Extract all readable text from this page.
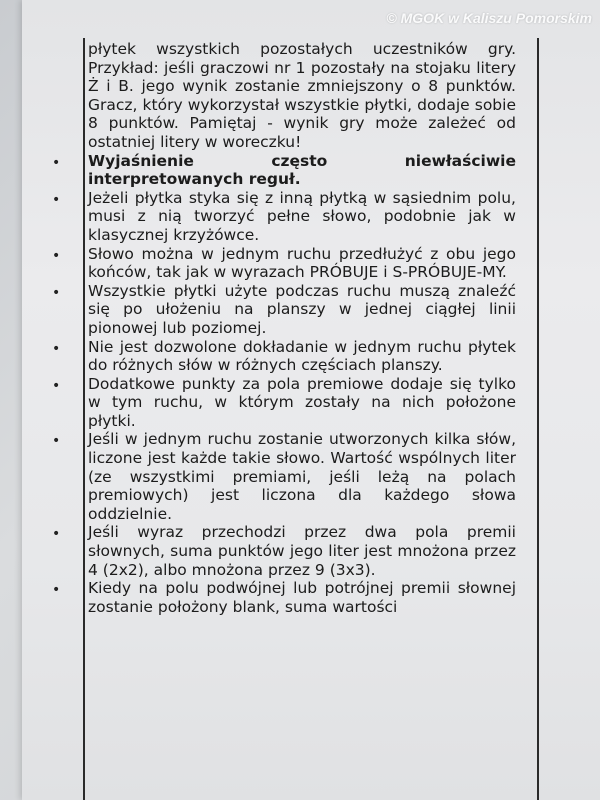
płytek wszystkich pozostałych uczestników gry. Przykład: jeśli graczowi nr 1 pozostały na stojaku litery Ż i B. jego wynik zostanie zmniejszony o 8 punktów. Gracz, który wykorzystał wszystkie płytki, dodaje sobie 8 punktów. Pamiętaj - wynik gry może zależeć od ostatniej litery w woreczku!
• Wyjaśnienie często niewłaściwie interpretowanych reguł.
• Jeżeli płytka styka się z inną płytką w sąsiednim polu, musi z nią tworzyć pełne słowo, podobnie jak w klasycznej krzyżówce.
• Słowo można w jednym ruchu przedłużyć z obu jego końców, tak jak w wyrazach PRÓBUJE i S-PRÓBUJE-MY.
• Wszystkie płytki użyte podczas ruchu muszą znaleźć się po ułożeniu na planszy w jednej ciągłej linii pionowej lub poziomej.
• Nie jest dozwolone dokładanie w jednym ruchu płytek do różnych słów w różnych częściach planszy.
• Dodatkowe punkty za pola premiowe dodaje się tylko w tym ruchu, w którym zostały na nich położone płytki.
• Jeśli w jednym ruchu zostanie utworzonych kilka słów, liczone jest każde takie słowo. Wartość wspólnych liter (ze wszystkimi premiami, jeśli leżą na polach premiowych) jest liczona dla każdego słowa oddzielnie.
• Jeśli wyraz przechodzi przez dwa pola premii słownych, suma punktów jego liter jest mnożona przez 4 (2x2), albo mnożona przez 9 (3x3).
• Kiedy na polu podwójnej lub potrójnej premii słownej zostanie położony blank, suma wartości
© MGOK w Kaliszu Pomorskim
